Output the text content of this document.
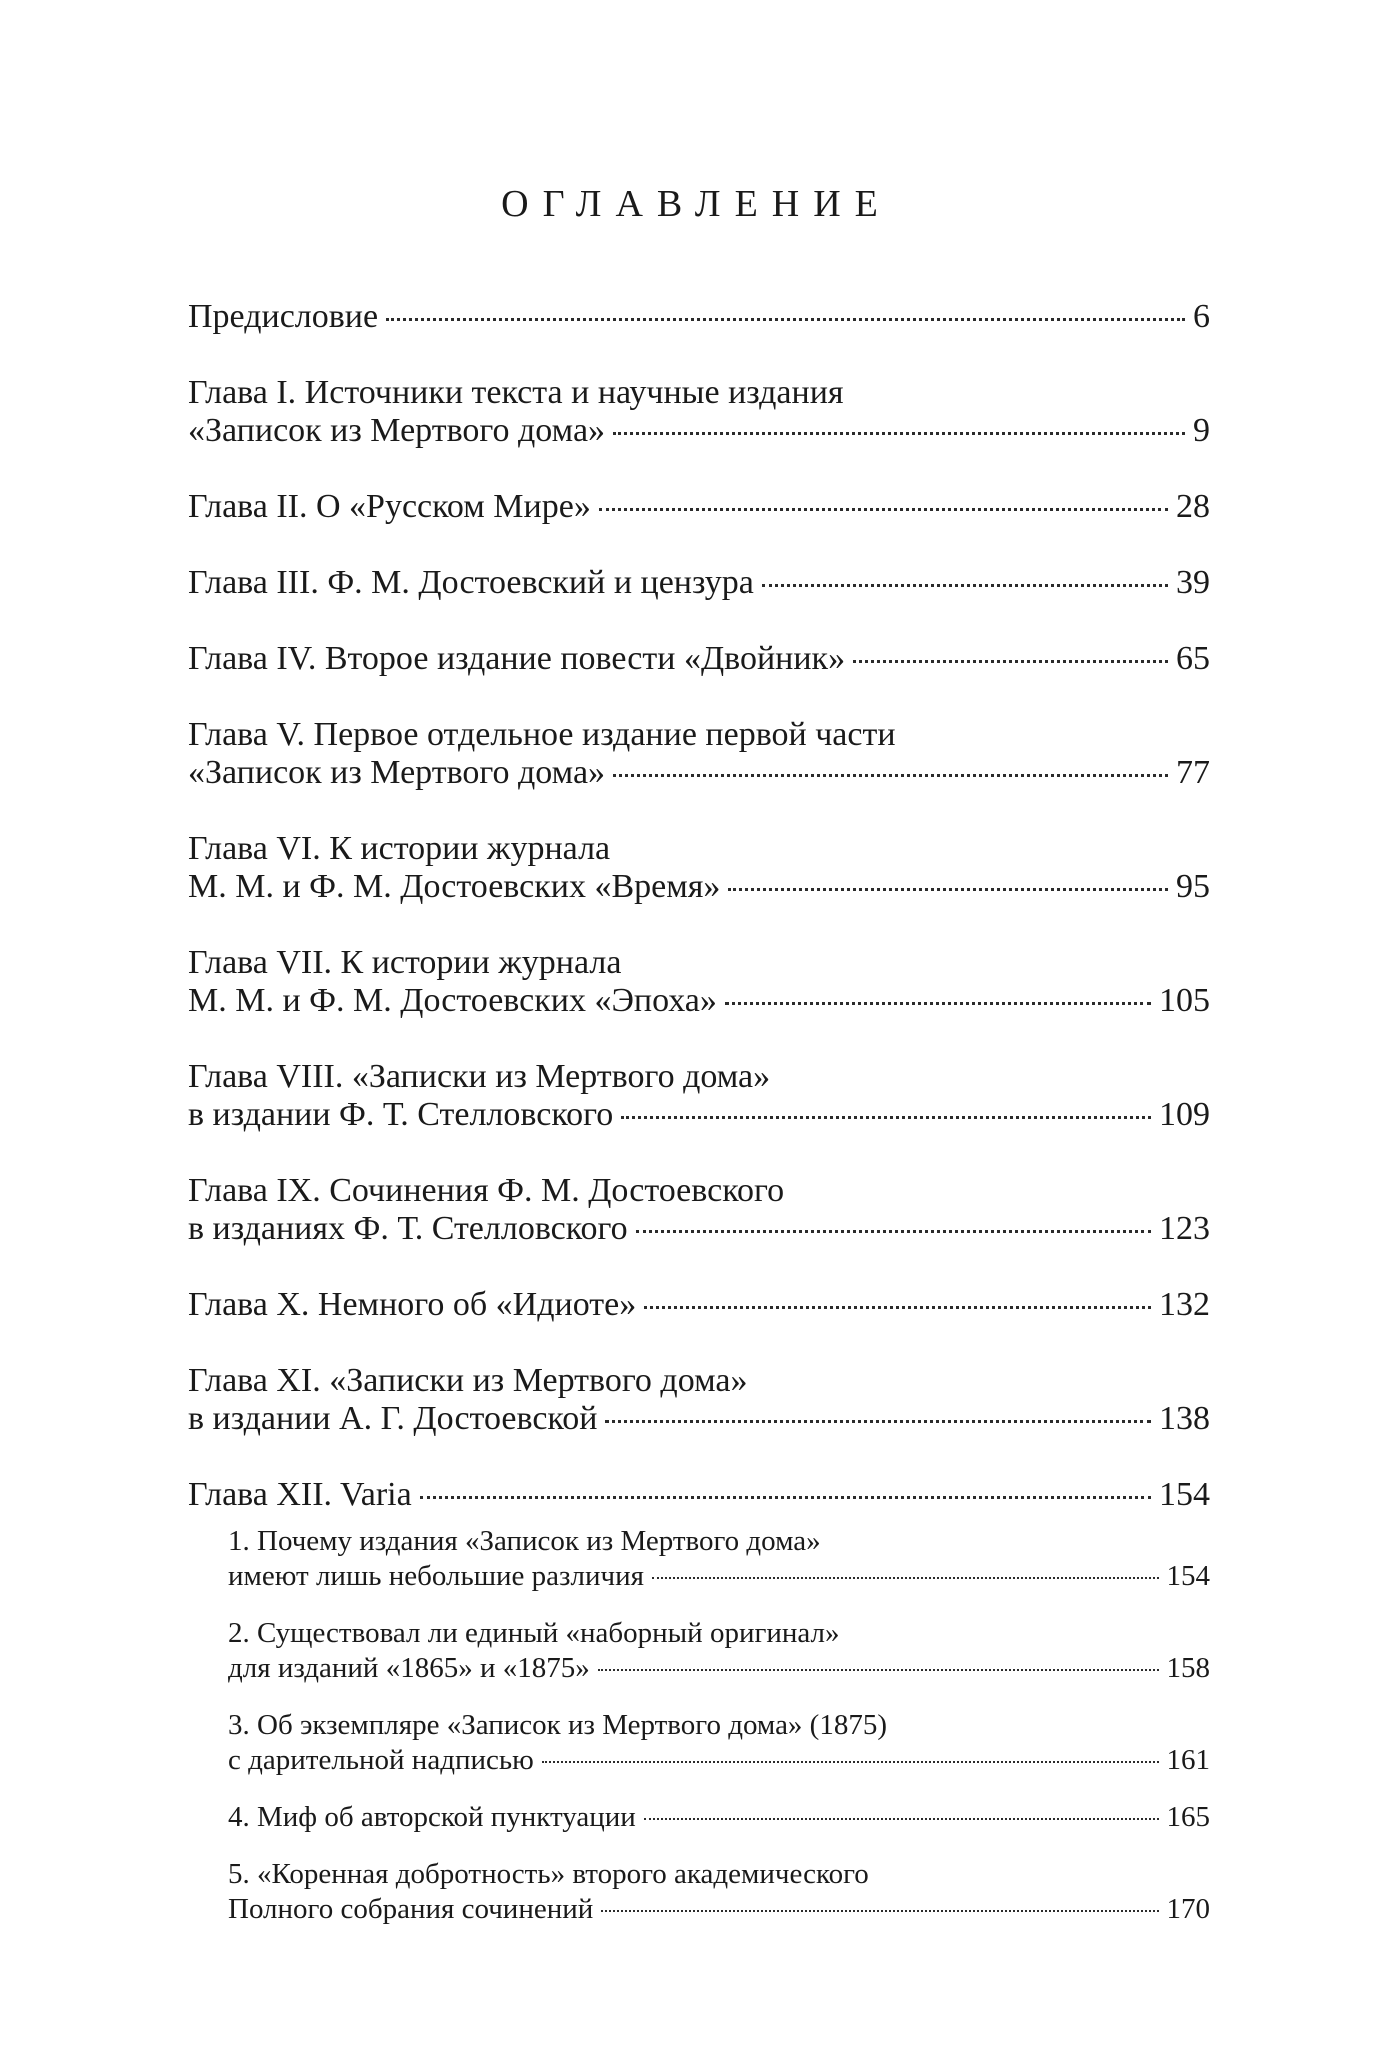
ОГЛАВЛЕНИЕ
Предисловие	6
Глава I. Источники текста и научные издания
«Записок из Мертвого дома»	9
Глава II. О «Русском Мире»	28
Глава III. Ф. М. Достоевский и цензура	39
Глава IV. Второе издание повести «Двойник»	65
Глава V. Первое отдельное издание первой части
«Записок из Мертвого дома»	77
Глава VI. К истории журнала
М. М. и Ф. М. Достоевских «Время»	95
Глава VII. К истории журнала
М. М. и Ф. М. Достоевских «Эпоха»	105
Глава VIII. «Записки из Мертвого дома»
в издании Ф. Т. Стелловского	109
Глава IX. Сочинения Ф. М. Достоевского
в изданиях Ф. Т. Стелловского	123
Глава X. Немного об «Идиоте»	132
Глава XI. «Записки из Мертвого дома»
в издании А. Г. Достоевской	138
Глава XII. Varia	154
1. Почему издания «Записок из Мертвого дома»
имеют лишь небольшие различия	154
2. Существовал ли единый «наборный оригинал»
для изданий «1865» и «1875»	158
3. Об экземпляре «Записок из Мертвого дома» (1875)
с дарительной надписью	161
4. Миф об авторской пунктуации	165
5. «Коренная добротность» второго академического
Полного собрания сочинений	170
